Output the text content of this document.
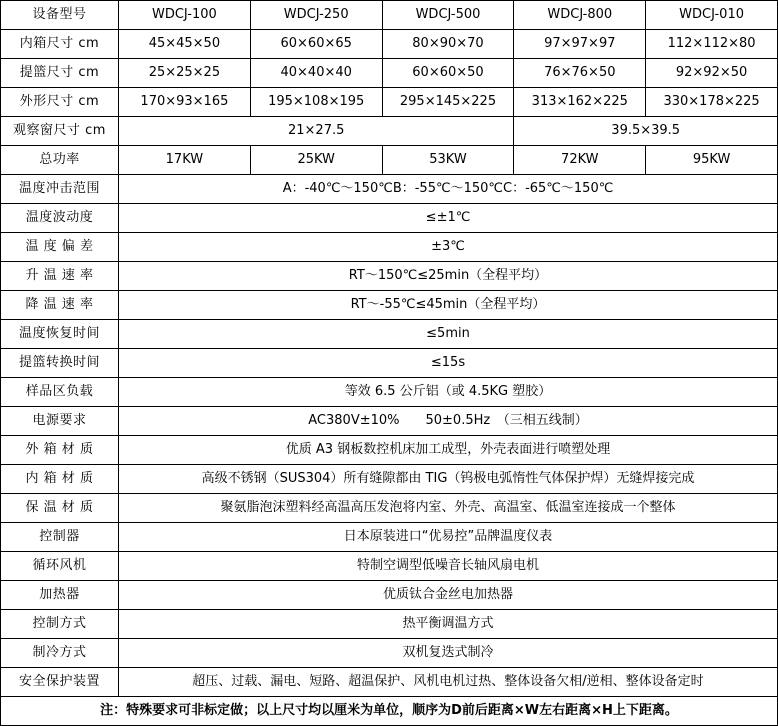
设备型号	WDCJ-100	WDCJ-250	WDCJ-500	WDCJ-800	WDCJ-010
内箱尺寸 cm	45×45×50	60×60×65	80×90×70	97×97×97	112×112×80
提篮尺寸 cm	25×25×25	40×40×40	60×60×50	76×76×50	92×92×50
外形尺寸 cm	170×93×165	195×108×195	295×145×225	313×162×225	330×178×225
观察窗尺寸 cm	21×27.5			39.5×39.5	
总功率	17KW	25KW	53KW	72KW	95KW
温度冲击范围	A：-40℃～150℃B：-55℃～150℃C：-65℃～150℃				
温度波动度	≤±1℃				
温 度 偏 差	±3℃				
升 温 速 率	RT～150℃≤25min（全程平均）				
降 温 速 率	RT～-55℃≤45min（全程平均）				
温度恢复时间	≤5min				
提篮转换时间	≤15s				
样品区负载	等效 6.5 公斤铝（或 4.5KG 塑胶）				
电源要求	AC380V±10%　　50±0.5Hz　（三相五线制）				
外 箱 材 质	优质 A3 钢板数控机床加工成型，外壳表面进行喷塑处理				
内 箱 材 质	高级不锈钢（SUS304）所有缝隙都由 TIG（钨极电弧惰性气体保护焊）无缝焊接完成				
保 温 材 质	聚氨脂泡沫塑料经高温高压发泡将内室、外壳、高温室、低温室连接成一个整体				
控制器	日本原装进口“优易控”品牌温度仪表				
循环风机	特制空调型低噪音长轴风扇电机				
加热器	优质钛合金丝电加热器				
控制方式	热平衡调温方式				
制冷方式	双机复迭式制冷				
安全保护装置	超压、过载、漏电、短路、超温保护、风机电机过热、整体设备欠相/逆相、整体设备定时				
注：特殊要求可非标定做；以上尺寸均以厘米为单位，顺序为D前后距离×W左右距离×H上下距离。					
